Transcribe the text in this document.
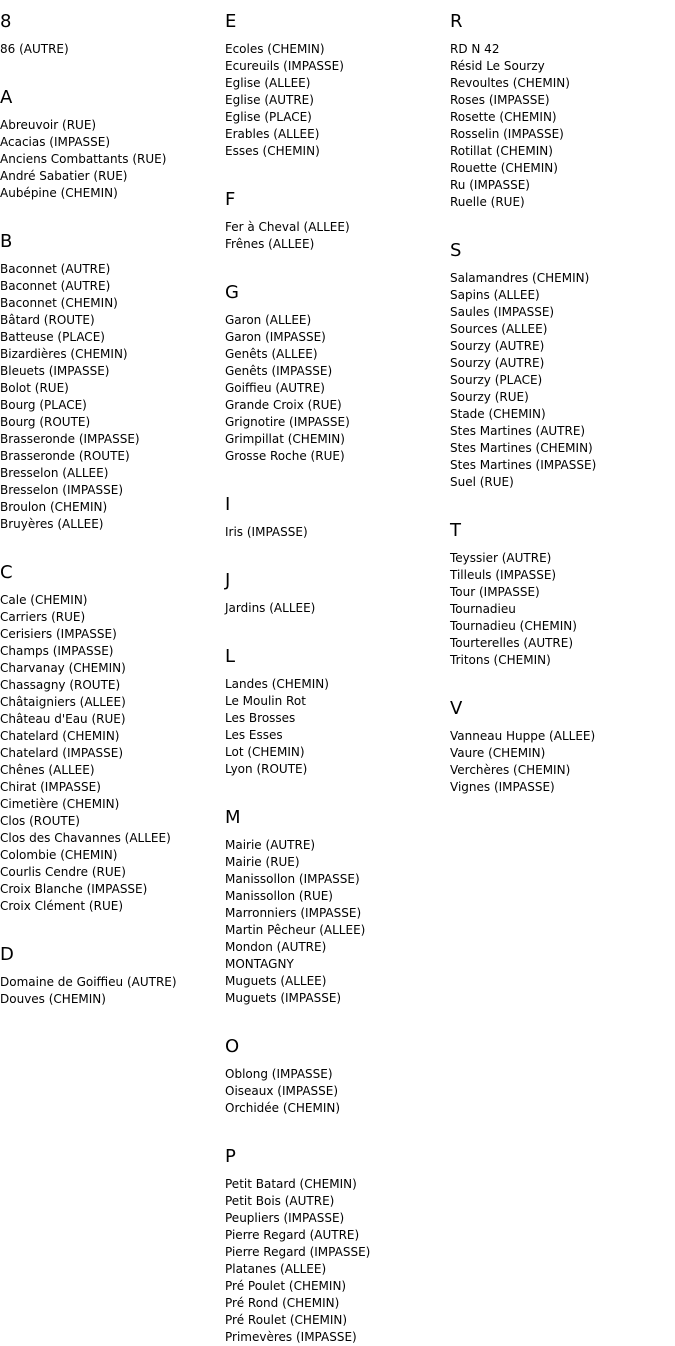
8
86 (AUTRE)
A
Abreuvoir (RUE)
Acacias (IMPASSE)
Anciens Combattants (RUE)
André Sabatier (RUE)
Aubépine (CHEMIN)
B
Baconnet (AUTRE)
Baconnet (AUTRE)
Baconnet (CHEMIN)
Bâtard (ROUTE)
Batteuse (PLACE)
Bizardières (CHEMIN)
Bleuets (IMPASSE)
Bolot (RUE)
Bourg (PLACE)
Bourg (ROUTE)
Brasseronde (IMPASSE)
Brasseronde (ROUTE)
Bresselon (ALLEE)
Bresselon (IMPASSE)
Broulon (CHEMIN)
Bruyères (ALLEE)
C
Cale (CHEMIN)
Carriers (RUE)
Cerisiers (IMPASSE)
Champs (IMPASSE)
Charvanay (CHEMIN)
Chassagny (ROUTE)
Châtaigniers (ALLEE)
Château d'Eau (RUE)
Chatelard (CHEMIN)
Chatelard (IMPASSE)
Chênes (ALLEE)
Chirat (IMPASSE)
Cimetière (CHEMIN)
Clos (ROUTE)
Clos des Chavannes (ALLEE)
Colombie (CHEMIN)
Courlis Cendre (RUE)
Croix Blanche (IMPASSE)
Croix Clément (RUE)
D
Domaine de Goiffieu (AUTRE)
Douves (CHEMIN)
E
Ecoles (CHEMIN)
Ecureuils (IMPASSE)
Eglise (ALLEE)
Eglise (AUTRE)
Eglise (PLACE)
Erables (ALLEE)
Esses (CHEMIN)
F
Fer à Cheval (ALLEE)
Frênes (ALLEE)
G
Garon (ALLEE)
Garon (IMPASSE)
Genêts (ALLEE)
Genêts (IMPASSE)
Goiffieu (AUTRE)
Grande Croix (RUE)
Grignotire (IMPASSE)
Grimpillat (CHEMIN)
Grosse Roche (RUE)
I
Iris (IMPASSE)
J
Jardins (ALLEE)
L
Landes (CHEMIN)
Le Moulin Rot
Les Brosses
Les Esses
Lot (CHEMIN)
Lyon (ROUTE)
M
Mairie (AUTRE)
Mairie (RUE)
Manissollon (IMPASSE)
Manissollon (RUE)
Marronniers (IMPASSE)
Martin Pêcheur (ALLEE)
Mondon (AUTRE)
MONTAGNY
Muguets (ALLEE)
Muguets (IMPASSE)
O
Oblong (IMPASSE)
Oiseaux (IMPASSE)
Orchidée (CHEMIN)
P
Petit Batard (CHEMIN)
Petit Bois (AUTRE)
Peupliers (IMPASSE)
Pierre Regard (AUTRE)
Pierre Regard (IMPASSE)
Platanes (ALLEE)
Pré Poulet (CHEMIN)
Pré Rond (CHEMIN)
Pré Roulet (CHEMIN)
Primevères (IMPASSE)
R
RD N 42
Résid Le Sourzy
Revoultes (CHEMIN)
Roses (IMPASSE)
Rosette (CHEMIN)
Rosselin (IMPASSE)
Rotillat (CHEMIN)
Rouette (CHEMIN)
Ru (IMPASSE)
Ruelle (RUE)
S
Salamandres (CHEMIN)
Sapins (ALLEE)
Saules (IMPASSE)
Sources (ALLEE)
Sourzy (AUTRE)
Sourzy (AUTRE)
Sourzy (PLACE)
Sourzy (RUE)
Stade (CHEMIN)
Stes Martines (AUTRE)
Stes Martines (CHEMIN)
Stes Martines (IMPASSE)
Suel (RUE)
T
Teyssier (AUTRE)
Tilleuls (IMPASSE)
Tour (IMPASSE)
Tournadieu
Tournadieu (CHEMIN)
Tourterelles (AUTRE)
Tritons (CHEMIN)
V
Vanneau Huppe (ALLEE)
Vaure (CHEMIN)
Verchères (CHEMIN)
Vignes (IMPASSE)
